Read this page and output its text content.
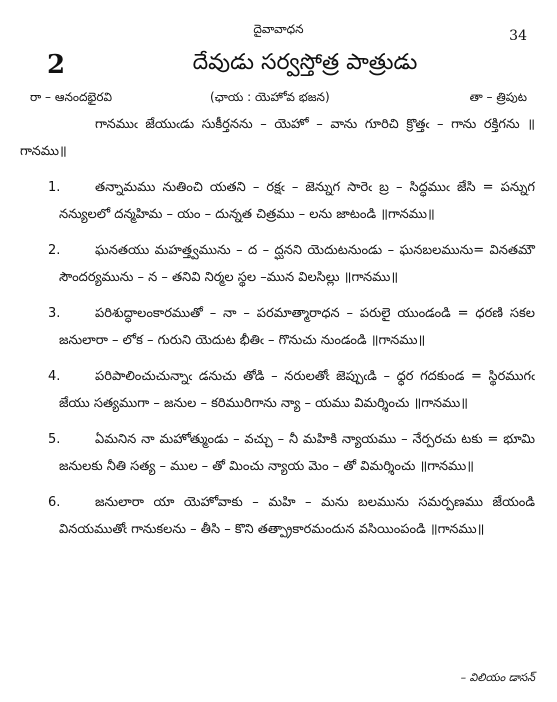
దైవావాధన	34
2	దేవుడు సర్వస్తోత్ర పాత్రుడు
రా – ఆనందభైరవి	(ఛాయ : యెహోవ భజన)	తా – త్రిపుట

గానముఁ జేయుఁడు సుకీర్తనను – యెహో – వాను గూరిచి క్రొత్తఁ – గాను రక్తిగను ॥గానము॥

1.	తన్నామము నుతించి యతని – రక్షఁ – జెన్నుగ సారెఁ బ్ర – సిద్ధముఁ జేసి = పన్నుగ నన్యులలో దన్మహిమ – యం – దున్నత చిత్రము – లను జాటండి ॥గానము॥

2.	ఘనతయు మహత్త్వమును – ద – ద్ఘనని యెదుటనుండు – ఘనబలమును= వినతమౌ సౌందర్యమును – న – తనివి నిర్మల స్థల –మున విలసిల్లు ॥గానము॥

3.	పరిశుద్ధాలంకారముతో – నా – పరమాత్మారాధన – పరులై యుండండి = ధరణి సకల జనులారా – లోక – గురుని యెదుట భీతిఁ – గొనుచు నుండండి ॥గానము॥

4.	పరిపాలించుచున్నాఁ డనుచు తోడి – నరులతోఁ జెప్పుఁడి – ధ్ధర గదకుండ = స్థిరముగఁ జేయు సత్యముగా – జనుల – కరిమురిగాను న్యా – యము విమర్శించు ॥గానము॥

5.	ఏమనిన నా మహోత్ముండు – వచ్చు – నీ మహికి న్యాయము – నేర్పరచు టకు = భూమి జనులకు నీతి సత్య – ముల – తో మించు న్యాయ మెం – తో విమర్శించు ॥గానము॥

6.	జనులారా యా యెహోవాకు – మహి – మను బలమును సమర్పణము జేయండి వినయముతోఁ గానుకలను – తీసి – కొని తత్ప్రాకారమందున వసియింపండి ॥గానము॥

– విలియం డాసన్
